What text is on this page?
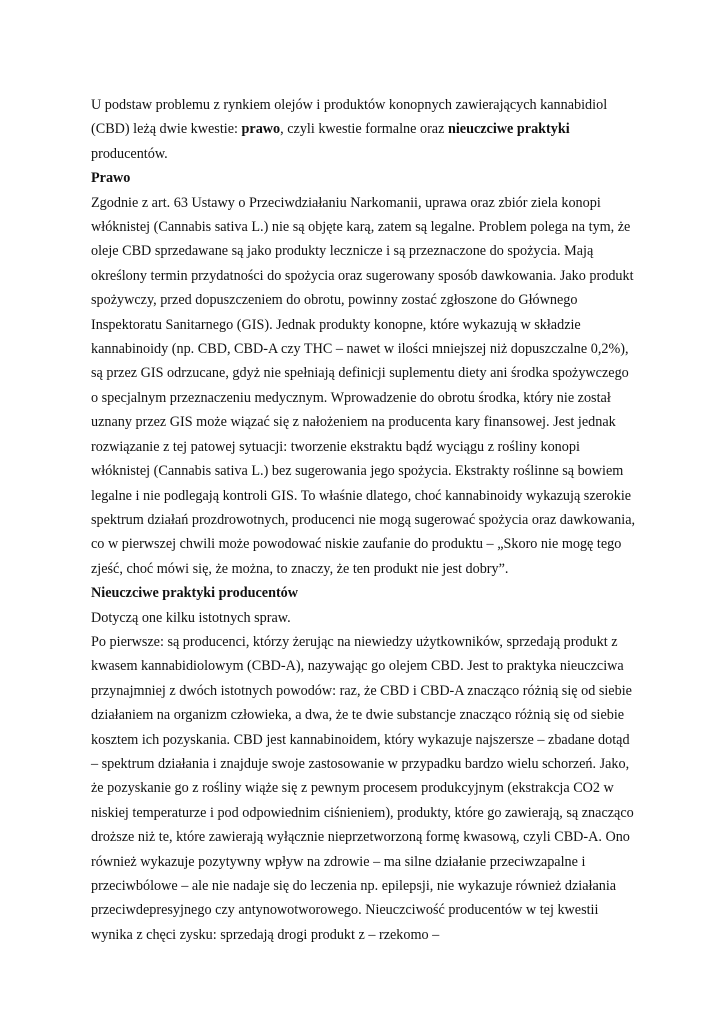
U podstaw problemu z rynkiem olejów i produktów konopnych zawierających kannabidiol (CBD) leżą dwie kwestie: prawo, czyli kwestie formalne oraz nieuczciwe praktyki producentów.

Prawo

Zgodnie z art. 63 Ustawy o Przeciwdziałaniu Narkomanii, uprawa oraz zbiór ziela konopi włóknistej (Cannabis sativa L.) nie są objęte karą, zatem są legalne. Problem polega na tym, że oleje CBD sprzedawane są jako produkty lecznicze i są przeznaczone do spożycia. Mają określony termin przydatności do spożycia oraz sugerowany sposób dawkowania. Jako produkt spożywczy, przed dopuszczeniem do obrotu, powinny zostać zgłoszone do Głównego Inspektoratu Sanitarnego (GIS). Jednak produkty konopne, które wykazują w składzie kannabinoidy (np. CBD, CBD-A czy THC – nawet w ilości mniejszej niż dopuszczalne 0,2%), są przez GIS odrzucane, gdyż nie spełniają definicji suplementu diety ani środka spożywczego o specjalnym przeznaczeniu medycznym. Wprowadzenie do obrotu środka, który nie został uznany przez GIS może wiązać się z nałożeniem na producenta kary finansowej. Jest jednak rozwiązanie z tej patowej sytuacji: tworzenie ekstraktu bądź wyciągu z rośliny konopi włóknistej (Cannabis sativa L.) bez sugerowania jego spożycia. Ekstrakty roślinne są bowiem legalne i nie podlegają kontroli GIS. To właśnie dlatego, choć kannabinoidy wykazują szerokie spektrum działań prozdrowotnych, producenci nie mogą sugerować spożycia oraz dawkowania, co w pierwszej chwili może powodować niskie zaufanie do produktu – „Skoro nie mogę tego zjeść, choć mówi się, że można, to znaczy, że ten produkt nie jest dobry”.

Nieuczciwe praktyki producentów

Dotyczą one kilku istotnych spraw.

Po pierwsze: są producenci, którzy żerując na niewiedzy użytkowników, sprzedają produkt z kwasem kannabidiolowym (CBD-A), nazywając go olejem CBD. Jest to praktyka nieuczciwa przynajmniej z dwóch istotnych powodów: raz, że CBD i CBD-A znacząco różnią się od siebie działaniem na organizm człowieka, a dwa, że te dwie substancje znacząco różnią się od siebie kosztem ich pozyskania. CBD jest kannabinoidem, który wykazuje najszersze – zbadane dotąd – spektrum działania i znajduje swoje zastosowanie w przypadku bardzo wielu schorzeń. Jako, że pozyskanie go z rośliny wiąże się z pewnym procesem produkcyjnym (ekstrakcja CO2 w niskiej temperaturze i pod odpowiednim ciśnieniem), produkty, które go zawierają, są znacząco droższe niż te, które zawierają wyłącznie nieprzetworzoną formę kwasową, czyli CBD-A. Ono również wykazuje pozytywny wpływ na zdrowie – ma silne działanie przeciwzapalne i przeciwbólowe – ale nie nadaje się do leczenia np. epilepsji, nie wykazuje również działania przeciwdepresyjnego czy antynowotworowego. Nieuczciwość producentów w tej kwestii wynika z chęci zysku: sprzedają drogi produkt z – rzekomo –
